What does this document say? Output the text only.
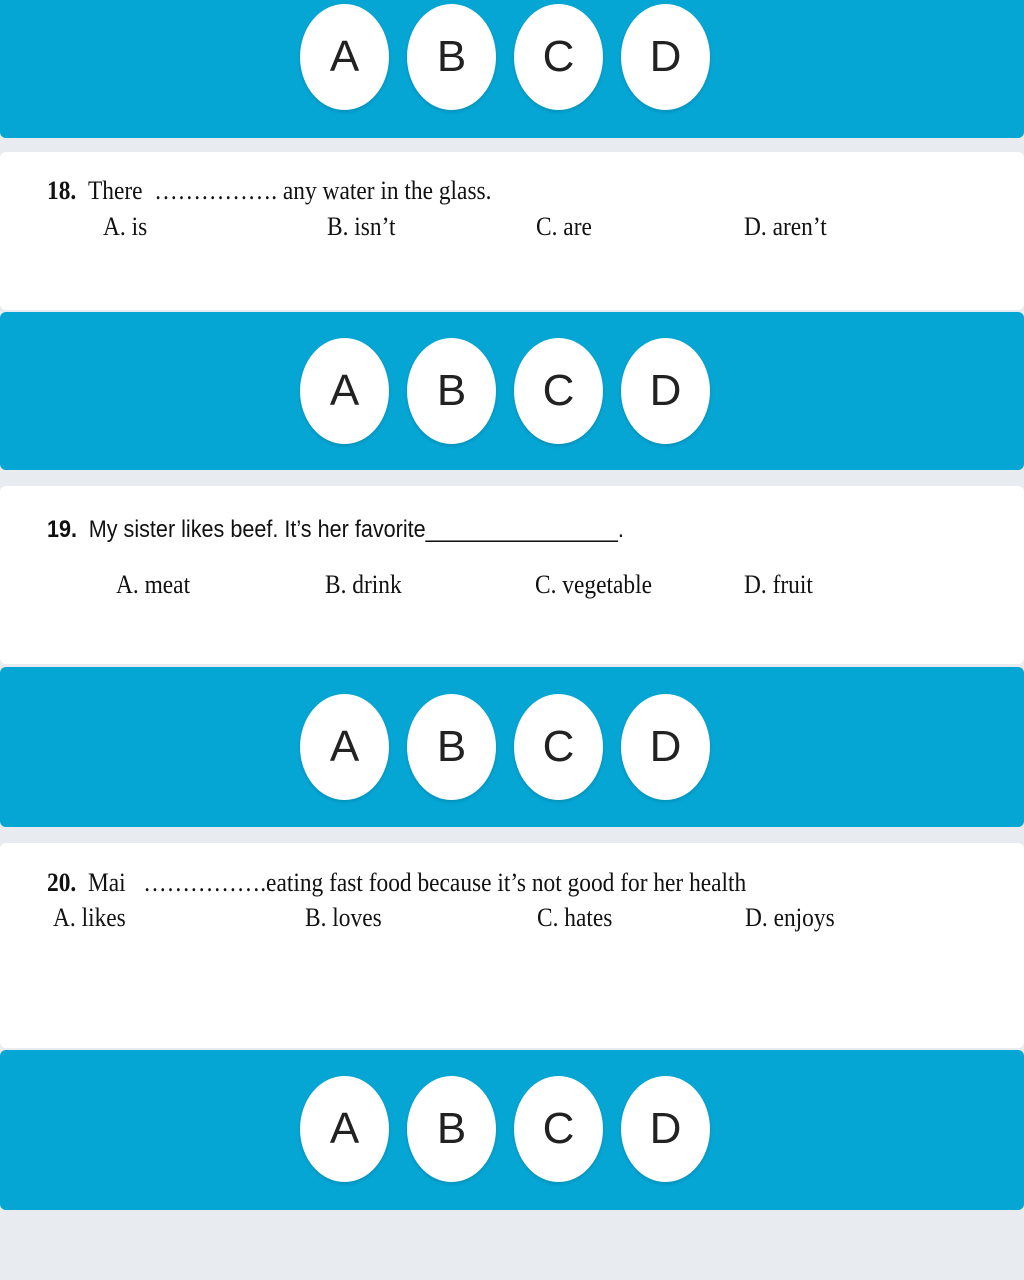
A	B	C	D
18. There ……………. any water in the glass.
A. is	B. isn’t	C. are	D. aren’t
A	B	C	D
19. My sister likes beef. It’s her favorite________________.
A. meat	B. drink	C. vegetable	D. fruit
A	B	C	D
20. Mai …………….eating fast food because it’s not good for her health
A. likes	B. loves	C. hates	D. enjoys
A	B	C	D
